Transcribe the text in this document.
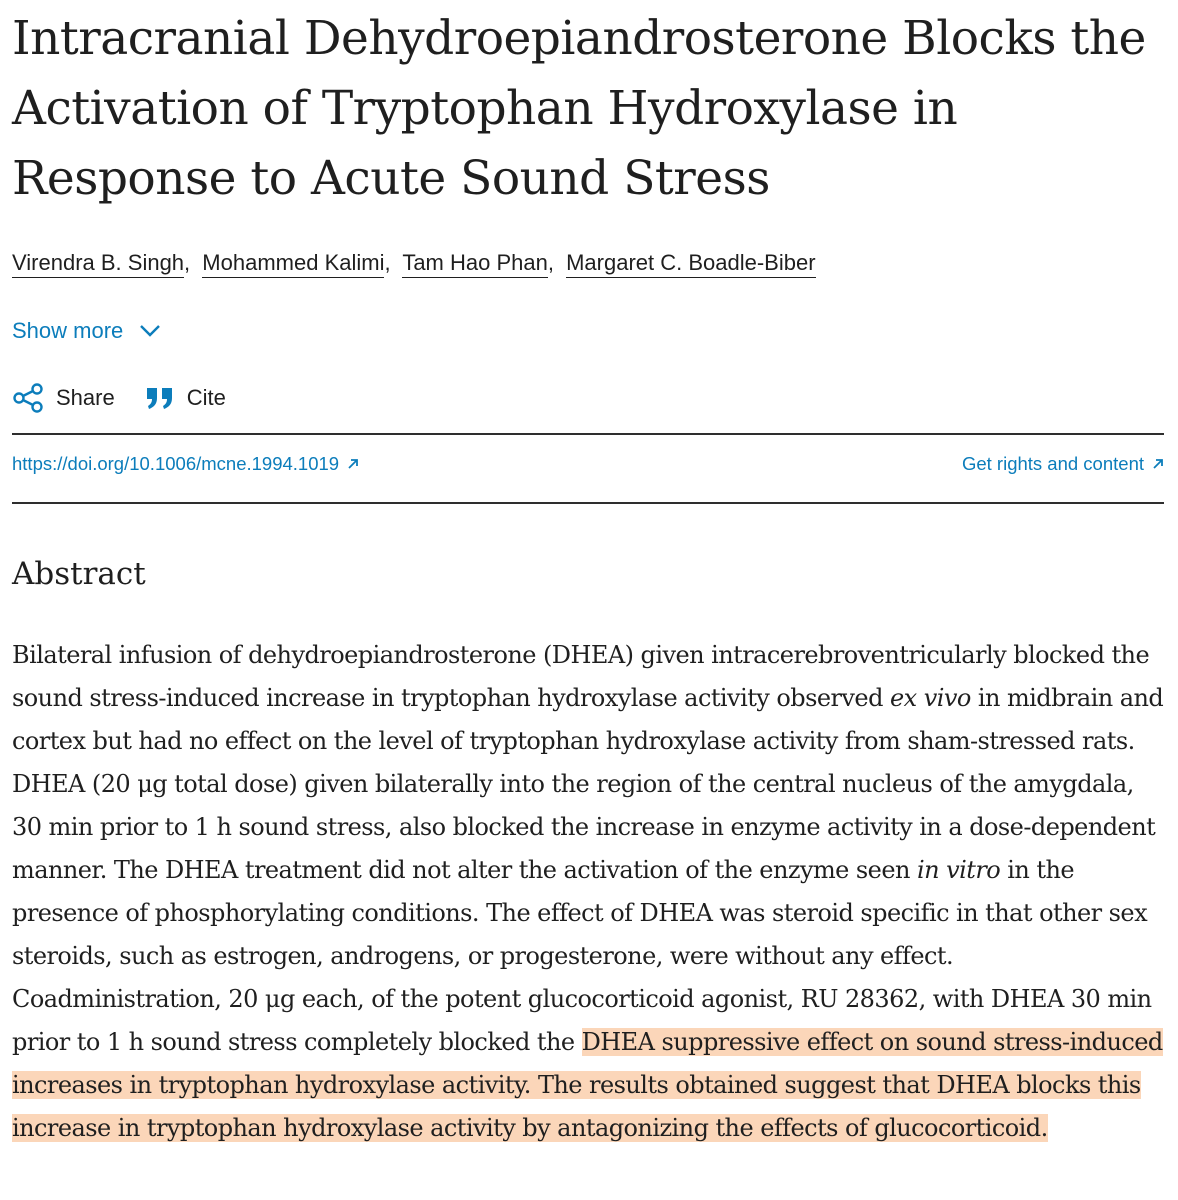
Intracranial Dehydroepiandrosterone Blocks the Activation of Tryptophan Hydroxylase in Response to Acute Sound Stress
Virendra B. Singh, Mohammed Kalimi, Tam Hao Phan, Margaret C. Boadle-Biber
Show more
Share	Cite
https://doi.org/10.1006/mcne.1994.1019	Get rights and content
Abstract

Bilateral infusion of dehydroepiandrosterone (DHEA) given intracerebroventricularly blocked the sound stress-induced increase in tryptophan hydroxylase activity observed ex vivo in midbrain and cortex but had no effect on the level of tryptophan hydroxylase activity from sham-stressed rats. DHEA (20 μg total dose) given bilaterally into the region of the central nucleus of the amygdala, 30 min prior to 1 h sound stress, also blocked the increase in enzyme activity in a dose-dependent manner. The DHEA treatment did not alter the activation of the enzyme seen in vitro in the presence of phosphorylating conditions. The effect of DHEA was steroid specific in that other sex steroids, such as estrogen, androgens, or progesterone, were without any effect. Coadministration, 20 μg each, of the potent glucocorticoid agonist, RU 28362, with DHEA 30 min prior to 1 h sound stress completely blocked the DHEA suppressive effect on sound stress-induced increases in tryptophan hydroxylase activity. The results obtained suggest that DHEA blocks this increase in tryptophan hydroxylase activity by antagonizing the effects of glucocorticoid.
